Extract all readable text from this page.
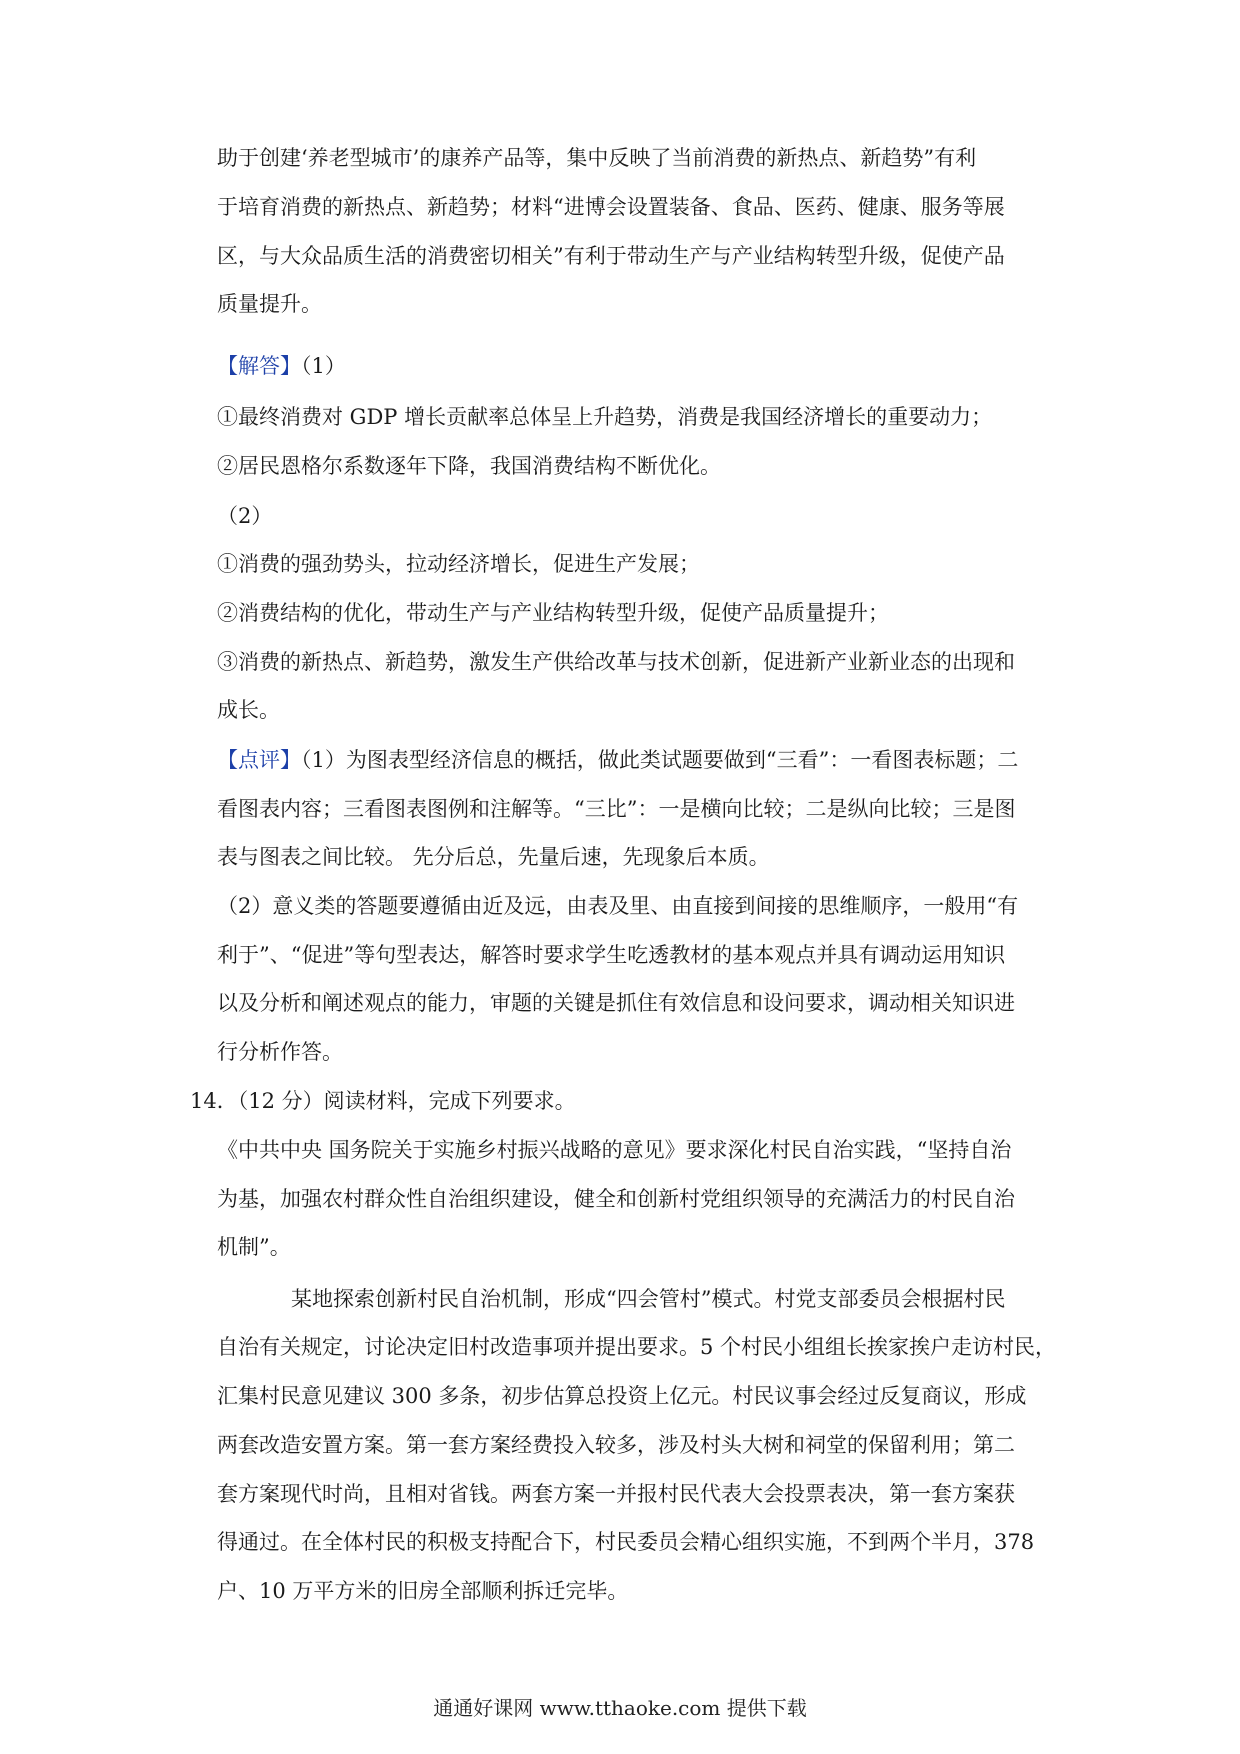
助于创建‘养老型城市’的康养产品等，集中反映了当前消费的新热点、新趋势”有利
于培育消费的新热点、新趋势；材料“进博会设置装备、食品、医药、健康、服务等展
区，与大众品质生活的消费密切相关”有利于带动生产与产业结构转型升级，促使产品
质量提升。
【解答】（1）
①最终消费对 GDP 增长贡献率总体呈上升趋势，消费是我国经济增长的重要动力；
②居民恩格尔系数逐年下降，我国消费结构不断优化。
（2）
①消费的强劲势头，拉动经济增长，促进生产发展；
②消费结构的优化，带动生产与产业结构转型升级，促使产品质量提升；
③消费的新热点、新趋势，激发生产供给改革与技术创新，促进新产业新业态的出现和
成长。
【点评】（1）为图表型经济信息的概括，做此类试题要做到“三看”：一看图表标题；二
看图表内容；三看图表图例和注解等。“三比”：一是横向比较；二是纵向比较；三是图
表与图表之间比较。 先分后总，先量后速，先现象后本质。
（2）意义类的答题要遵循由近及远，由表及里、由直接到间接的思维顺序，一般用“有
利于”、“促进”等句型表达，解答时要求学生吃透教材的基本观点并具有调动运用知识
以及分析和阐述观点的能力，审题的关键是抓住有效信息和设问要求，调动相关知识进
行分析作答。
14．（12 分）阅读材料，完成下列要求。
《中共中央 国务院关于实施乡村振兴战略的意见》要求深化村民自治实践，“坚持自治
为基，加强农村群众性自治组织建设，健全和创新村党组织领导的充满活力的村民自治
机制”。
某地探索创新村民自治机制，形成“四会管村”模式。村党支部委员会根据村民
自治有关规定，讨论决定旧村改造事项并提出要求。5 个村民小组组长挨家挨户走访村民，
汇集村民意见建议 300 多条，初步估算总投资上亿元。村民议事会经过反复商议，形成
两套改造安置方案。第一套方案经费投入较多，涉及村头大树和祠堂的保留利用；第二
套方案现代时尚，且相对省钱。两套方案一并报村民代表大会投票表决，第一套方案获
得通过。在全体村民的积极支持配合下，村民委员会精心组织实施，不到两个半月，378
户、10 万平方米的旧房全部顺利拆迁完毕。
通通好课网 www.tthaoke.com 提供下载
